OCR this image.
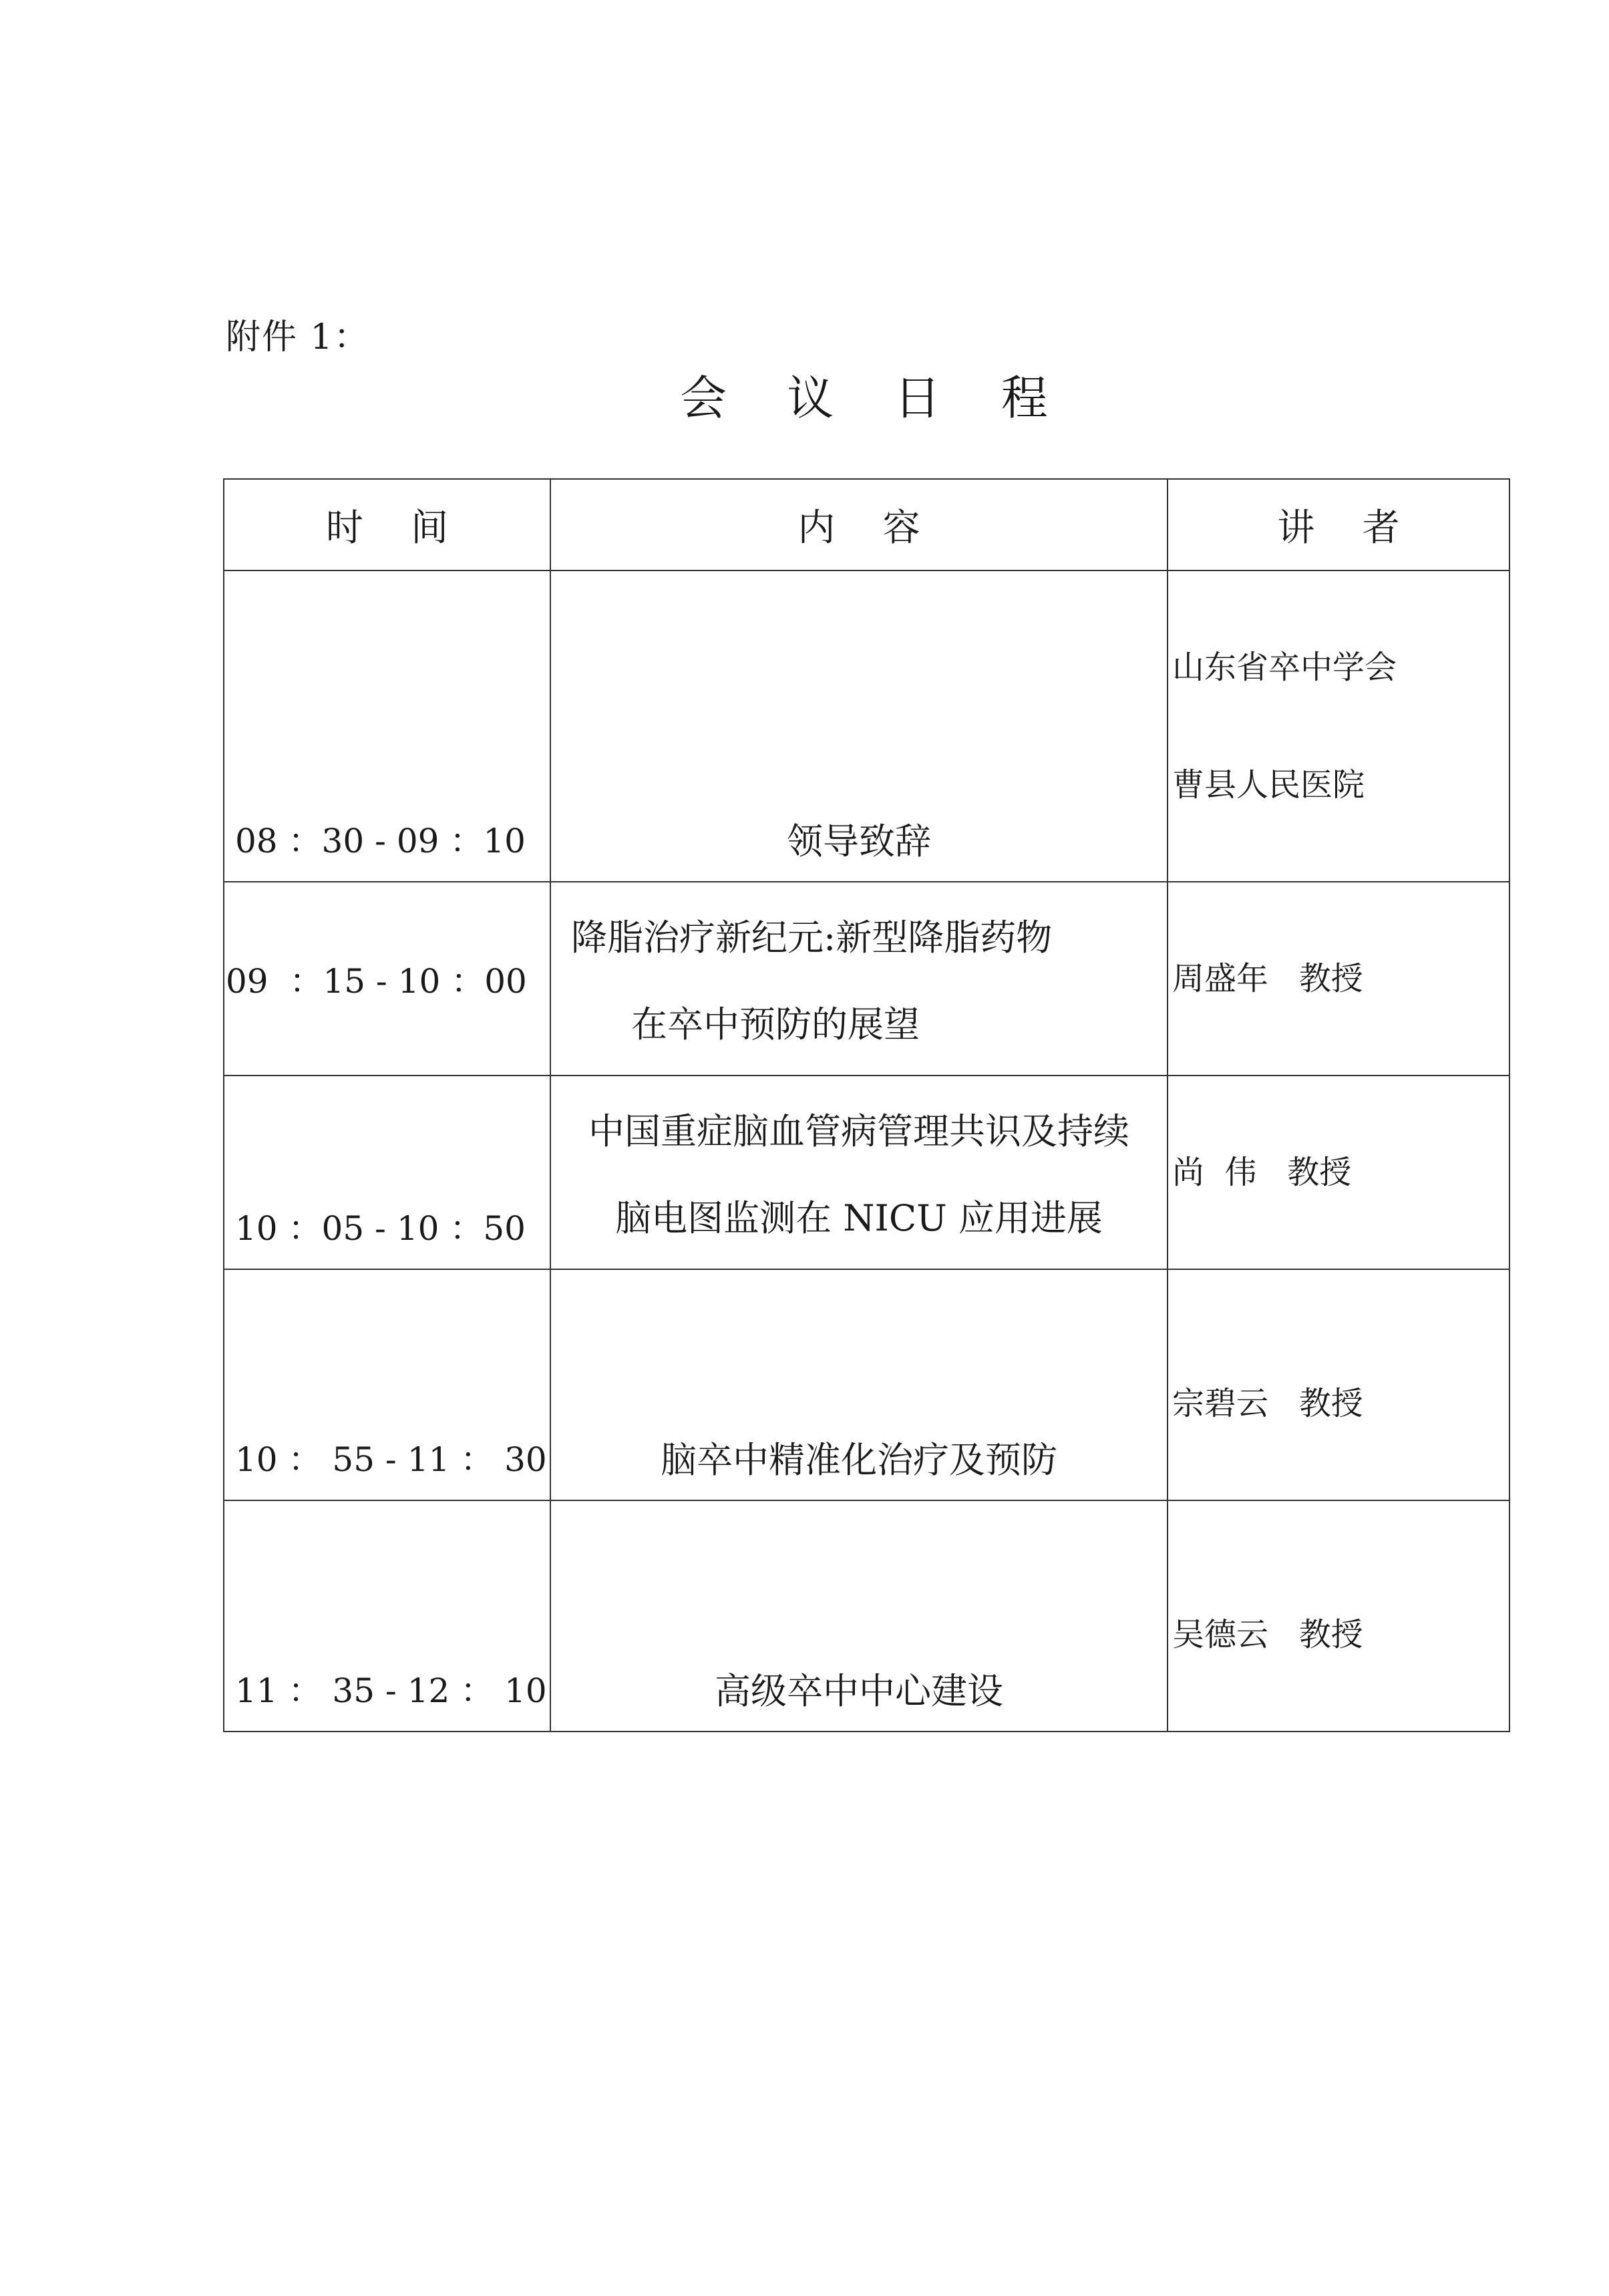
附件 1：
会 议 日 程
时    间	内    容	讲    者
08 ：30 - 09 ：10	领导致辞	山东省卒中学会

曹县人民医院

09  ：15 - 10 ：00	降脂治疗新纪元:新型降脂药物
在卒中预防的展望	周盛年   教授

10 ：05 - 10 ：50	中国重症脑血管病管理共识及持续
脑电图监测在 NICU 应用进展	尚  伟   教授

10 ： 55 - 11 ： 30	脑卒中精准化治疗及预防	宗碧云   教授

11 ： 35 - 12 ： 10	高级卒中中心建设	吴德云   教授
